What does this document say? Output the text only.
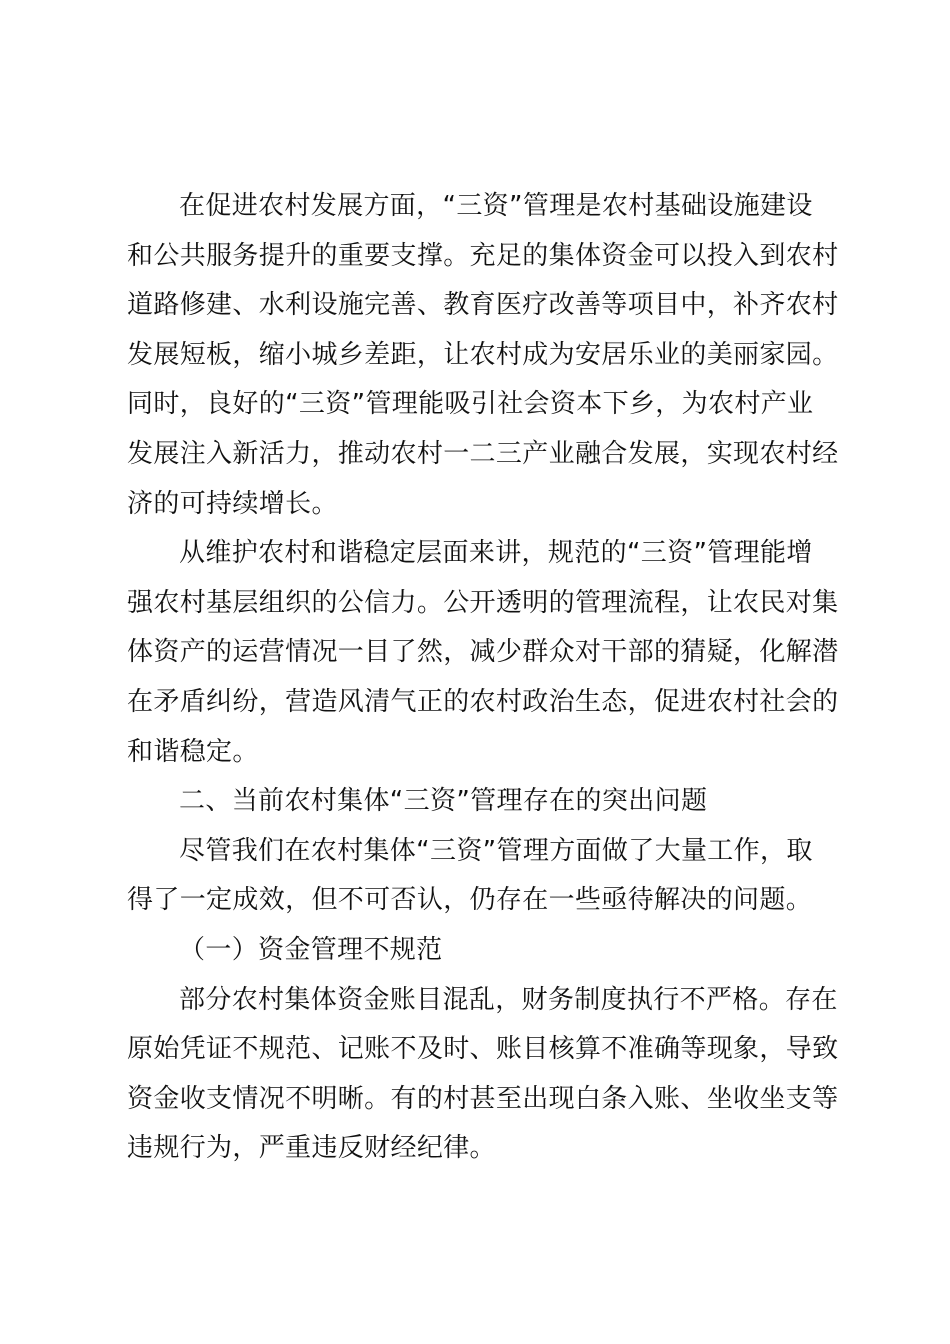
在促进农村发展方面，“三资”管理是农村基础设施建设
和公共服务提升的重要支撑。充足的集体资金可以投入到农村
道路修建、水利设施完善、教育医疗改善等项目中，补齐农村
发展短板，缩小城乡差距，让农村成为安居乐业的美丽家园。
同时，良好的“三资”管理能吸引社会资本下乡，为农村产业
发展注入新活力，推动农村一二三产业融合发展，实现农村经
济的可持续增长。
从维护农村和谐稳定层面来讲，规范的“三资”管理能增
强农村基层组织的公信力。公开透明的管理流程，让农民对集
体资产的运营情况一目了然，减少群众对干部的猜疑，化解潜
在矛盾纠纷，营造风清气正的农村政治生态，促进农村社会的
和谐稳定。
二、当前农村集体“三资”管理存在的突出问题
尽管我们在农村集体“三资”管理方面做了大量工作，取
得了一定成效，但不可否认，仍存在一些亟待解决的问题。
（一）资金管理不规范
部分农村集体资金账目混乱，财务制度执行不严格。存在
原始凭证不规范、记账不及时、账目核算不准确等现象，导致
资金收支情况不明晰。有的村甚至出现白条入账、坐收坐支等
违规行为，严重违反财经纪律。
